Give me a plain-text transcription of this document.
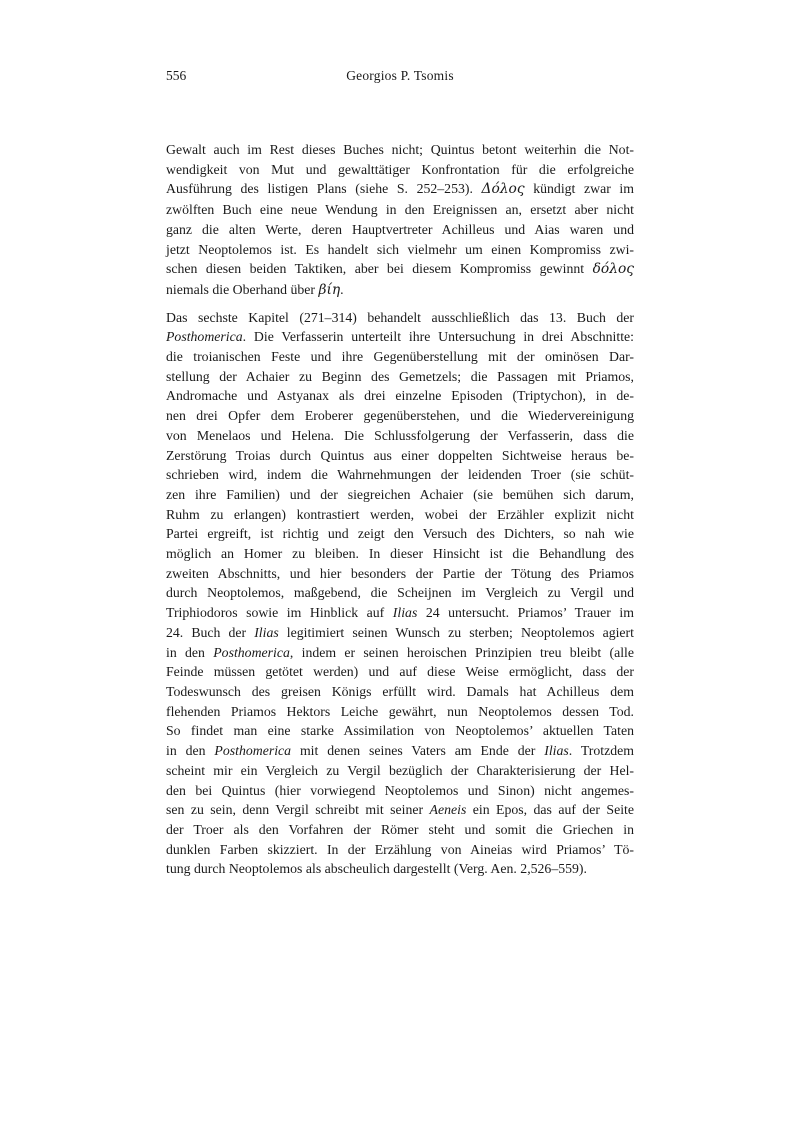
556	Georgios P. Tsomis
Gewalt auch im Rest dieses Buches nicht; Quintus betont weiterhin die Not-
wendigkeit von Mut und gewalttätiger Konfrontation für die erfolgreiche
Ausführung des listigen Plans (siehe S. 252–253). Δόλος kündigt zwar im
zwölften Buch eine neue Wendung in den Ereignissen an, ersetzt aber nicht
ganz die alten Werte, deren Hauptvertreter Achilleus und Aias waren und
jetzt Neoptolemos ist. Es handelt sich vielmehr um einen Kompromiss zwi-
schen diesen beiden Taktiken, aber bei diesem Kompromiss gewinnt δόλος
niemals die Oberhand über βίη.
Das sechste Kapitel (271–314) behandelt ausschließlich das 13. Buch der
Posthomerica. Die Verfasserin unterteilt ihre Untersuchung in drei Abschnitte:
die troianischen Feste und ihre Gegenüberstellung mit der ominösen Dar-
stellung der Achaier zu Beginn des Gemetzels; die Passagen mit Priamos,
Andromache und Astyanax als drei einzelne Episoden (Triptychon), in de-
nen drei Opfer dem Eroberer gegenüberstehen, und die Wiedervereinigung
von Menelaos und Helena. Die Schlussfolgerung der Verfasserin, dass die
Zerstörung Troias durch Quintus aus einer doppelten Sichtweise heraus be-
schrieben wird, indem die Wahrnehmungen der leidenden Troer (sie schüt-
zen ihre Familien) und der siegreichen Achaier (sie bemühen sich darum,
Ruhm zu erlangen) kontrastiert werden, wobei der Erzähler explizit nicht
Partei ergreift, ist richtig und zeigt den Versuch des Dichters, so nah wie
möglich an Homer zu bleiben. In dieser Hinsicht ist die Behandlung des
zweiten Abschnitts, und hier besonders der Partie der Tötung des Priamos
durch Neoptolemos, maßgebend, die Scheijnen im Vergleich zu Vergil und
Triphiodoros sowie im Hinblick auf Ilias 24 untersucht. Priamos’ Trauer im
24. Buch der Ilias legitimiert seinen Wunsch zu sterben; Neoptolemos agiert
in den Posthomerica, indem er seinen heroischen Prinzipien treu bleibt (alle
Feinde müssen getötet werden) und auf diese Weise ermöglicht, dass der
Todeswunsch des greisen Königs erfüllt wird. Damals hat Achilleus dem
flehenden Priamos Hektors Leiche gewährt, nun Neoptolemos dessen Tod.
So findet man eine starke Assimilation von Neoptolemos’ aktuellen Taten
in den Posthomerica mit denen seines Vaters am Ende der Ilias. Trotzdem
scheint mir ein Vergleich zu Vergil bezüglich der Charakterisierung der Hel-
den bei Quintus (hier vorwiegend Neoptolemos und Sinon) nicht angemes-
sen zu sein, denn Vergil schreibt mit seiner Aeneis ein Epos, das auf der Seite
der Troer als den Vorfahren der Römer steht und somit die Griechen in
dunklen Farben skizziert. In der Erzählung von Aineias wird Priamos’ Tö-
tung durch Neoptolemos als abscheulich dargestellt (Verg. Aen. 2,526–559).
